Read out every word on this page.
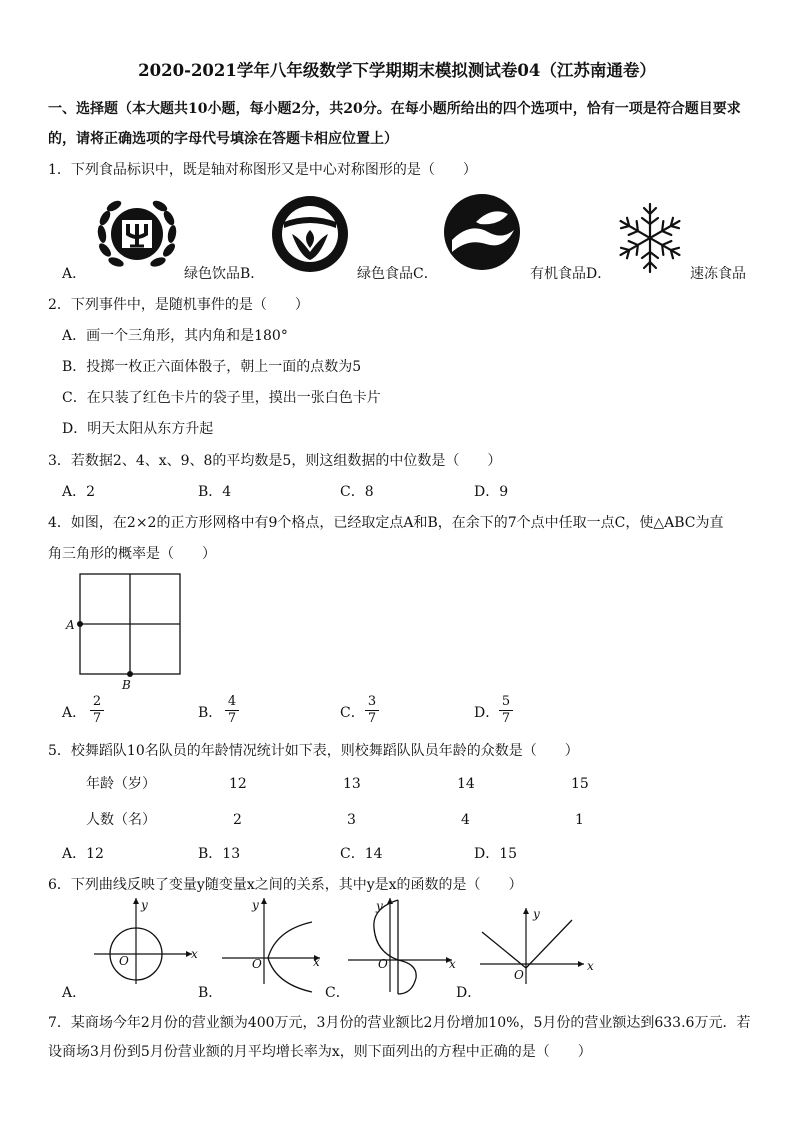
2020-2021学年八年级数学下学期期末模拟测试卷04（江苏南通卷）
一、选择题（本大题共10小题，每小题2分，共20分。在每小题所给出的四个选项中，恰有一项是符合题目要求
的，请将正确选项的字母代号填涂在答题卡相应位置上）
1．下列食品标识中，既是轴对称图形又是中心对称图形的是（　　）
A．	绿色饮品B．	绿色食品C．	有机食品D．	速冻食品
2．下列事件中，是随机事件的是（　　）
A．画一个三角形，其内角和是180°
B．投掷一枚正六面体骰子，朝上一面的点数为5
C．在只装了红色卡片的袋子里，摸出一张白色卡片
D．明天太阳从东方升起
3．若数据2、4、x、9、8的平均数是5，则这组数据的中位数是（　　）
A．2	B．4	C．8	D．9
4．如图，在2×2的正方形网格中有9个格点，已经取定点A和B，在余下的7个点中任取一点C，使△ABC为直
角三角形的概率是（　　）
A
B
A．
2
7	B．
4
7	C．
3
7	D．
5
7
5．校舞蹈队10名队员的年龄情况统计如下表，则校舞蹈队队员年龄的众数是（　　）
年龄（岁）	12	13	14	15
人数（名）	2	3	4	1
A．12	B．13	C．14	D．15
6．下列曲线反映了变量y随变量x之间的关系，其中y是x的函数的是（　　）
y
x
O
y
x
O
y
x
O
y
x
O
A．	B．	C．	D．
7．某商场今年2月份的营业额为400万元，3月份的营业额比2月份增加10%，5月份的营业额达到633.6万元．若
设商场3月份到5月份营业额的月平均增长率为x，则下面列出的方程中正确的是（　　）
